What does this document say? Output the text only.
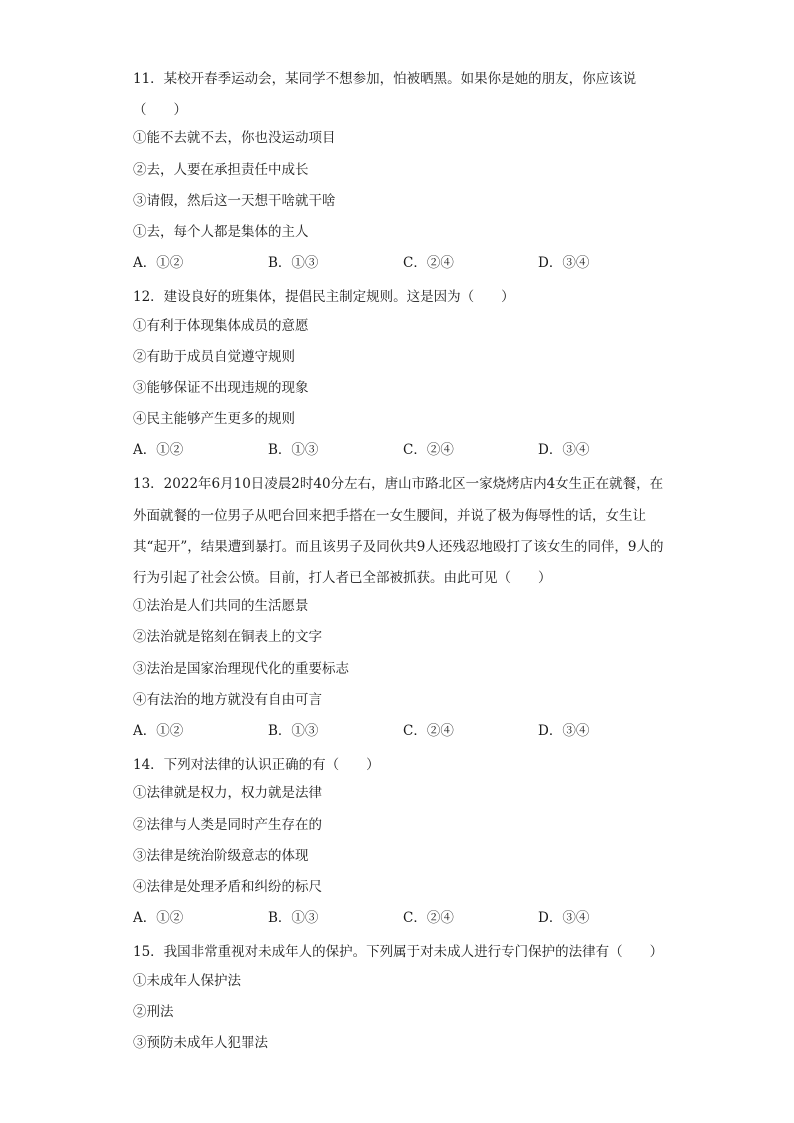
11．某校开春季运动会，某同学不想参加，怕被晒黑。如果你是她的朋友，你应该说（　　）
①能不去就不去，你也没运动项目
②去，人要在承担责任中成长
③请假，然后这一天想干啥就干啥
①去，每个人都是集体的主人
A．①②	B．①③	C．②④	D．③④
12．建设良好的班集体，提倡民主制定规则。这是因为（　　）
①有利于体现集体成员的意愿
②有助于成员自觉遵守规则
③能够保证不出现违规的现象
④民主能够产生更多的规则
A．①②	B．①③	C．②④	D．③④
13．2022年6月10日凌晨2时40分左右，唐山市路北区一家烧烤店内4女生正在就餐，在外面就餐的一位男子从吧台回来把手搭在一女生腰间，并说了极为侮辱性的话，女生让其“起开”，结果遭到暴打。而且该男子及同伙共9人还残忍地殴打了该女生的同伴，9人的行为引起了社会公愤。目前，打人者已全部被抓获。由此可见（　　）
①法治是人们共同的生活愿景
②法治就是铭刻在铜表上的文字
③法治是国家治理现代化的重要标志
④有法治的地方就没有自由可言
A．①②	B．①③	C．②④	D．③④
14．下列对法律的认识正确的有（　　）
①法律就是权力，权力就是法律
②法律与人类是同时产生存在的
③法律是统治阶级意志的体现
④法律是处理矛盾和纠纷的标尺
A．①②	B．①③	C．②④	D．③④
15．我国非常重视对未成年人的保护。下列属于对未成人进行专门保护的法律有（　　）
①未成年人保护法
②刑法
③预防未成年人犯罪法
